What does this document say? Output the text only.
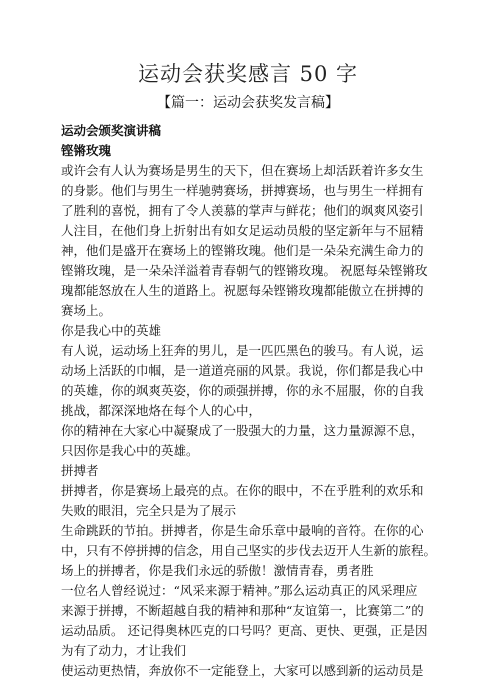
运动会获奖感言 50 字
【篇一：运动会获奖发言稿】
运动会颁奖演讲稿
铿锵玫瑰
或许会有人认为赛场是男生的天下，但在赛场上却活跃着许多女生
的身影。他们与男生一样驰骋赛场，拼搏赛场，也与男生一样拥有
了胜利的喜悦，拥有了令人羡慕的掌声与鲜花；他们的飒爽风姿引
人注目，在他们身上折射出有如女足运动员般的坚定新年与不屈精
神，他们是盛开在赛场上的铿锵玫瑰。他们是一朵朵充满生命力的
铿锵玫瑰，是一朵朵洋溢着青春朝气的铿锵玫瑰。 祝愿每朵铿锵玫
瑰都能怒放在人生的道路上。祝愿每朵铿锵玫瑰都能傲立在拼搏的
赛场上。
你是我心中的英雄
有人说，运动场上狂奔的男儿，是一匹匹黑色的骏马。有人说，运
动场上活跃的巾帼，是一道道亮丽的风景。我说，你们都是我心中
的英雄，你的飒爽英姿，你的顽强拼搏，你的永不屈服，你的自我
挑战，都深深地烙在每个人的心中，
你的精神在大家心中凝聚成了一股强大的力量，这力量源源不息，
只因你是我心中的英雄。
拼搏者
拼搏者，你是赛场上最亮的点。在你的眼中，不在乎胜利的欢乐和
失败的眼泪，完全只是为了展示
生命跳跃的节拍。拼搏者，你是生命乐章中最响的音符。在你的心
中，只有不停拼搏的信念，用自己坚实的步伐去迈开人生新的旅程。
场上的拼搏者，你是我们永远的骄傲！激情青春，勇者胜
一位名人曾经说过：“风采来源于精神。”那么运动真正的风采理应
来源于拼搏，不断超越自我的精神和那种“友谊第一，比赛第二”的
运动品质。 还记得奥林匹克的口号吗？更高、更快、更强，正是因
为有了动力，才让我们
使运动更热情，奔放你不一定能登上，大家可以感到新的运动员是
